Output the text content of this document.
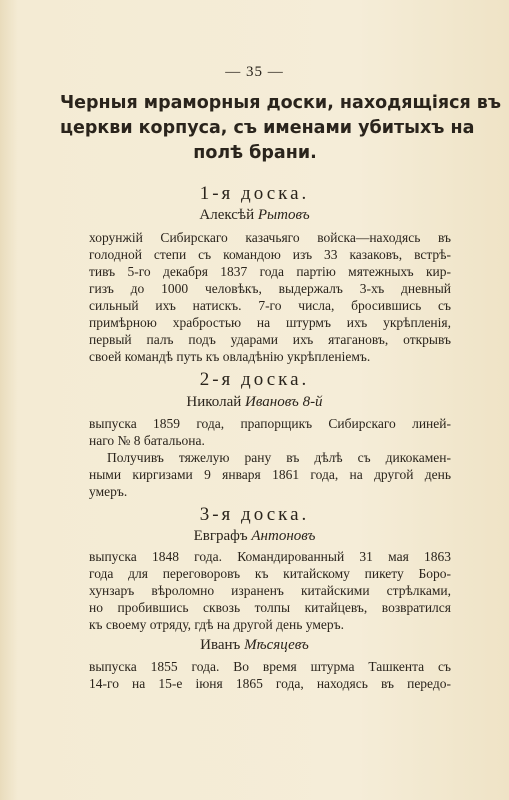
— 35 —
Черныя мраморныя доски, находящіяся въ
церкви корпуса, съ именами убитыхъ на
полѣ брани.
1-я доска.
Алексѣй Рытовъ
хорунжій Сибирскаго казачьяго войска—находясь въ
голодной степи съ командою изъ 33 казаковъ, встрѣ-
тивъ 5-го декабря 1837 года партію мятежныхъ кир-
гизъ до 1000 человѣкъ, выдержалъ 3-хъ дневный
сильный ихъ натискъ. 7-го числа, бросившись съ
примѣрною храбростью на штурмъ ихъ укрѣпленія,
первый палъ подъ ударами ихъ ятагановъ, открывъ
своей командѣ путь къ овладѣнію укрѣпленіемъ.
2-я доска.
Николай Ивановъ 8-й
выпуска 1859 года, прапорщикъ Сибирскаго линей-
наго № 8 батальона.
Получивъ тяжелую рану въ дѣлѣ съ дикокамен-
ными киргизами 9 января 1861 года, на другой день
умеръ.
3-я доска.
Евграфъ Антоновъ
выпуска 1848 года. Командированный 31 мая 1863
года для переговоровъ къ китайскому пикету Боро-
хунзаръ вѣроломно израненъ китайскими стрѣлками,
но пробившись сквозь толпы китайцевъ, возвратился
къ своему отряду, гдѣ на другой день умеръ.
Иванъ Мѣсяцевъ
выпуска 1855 года. Во время штурма Ташкента съ
14-го на 15-е іюня 1865 года, находясь въ передо-
